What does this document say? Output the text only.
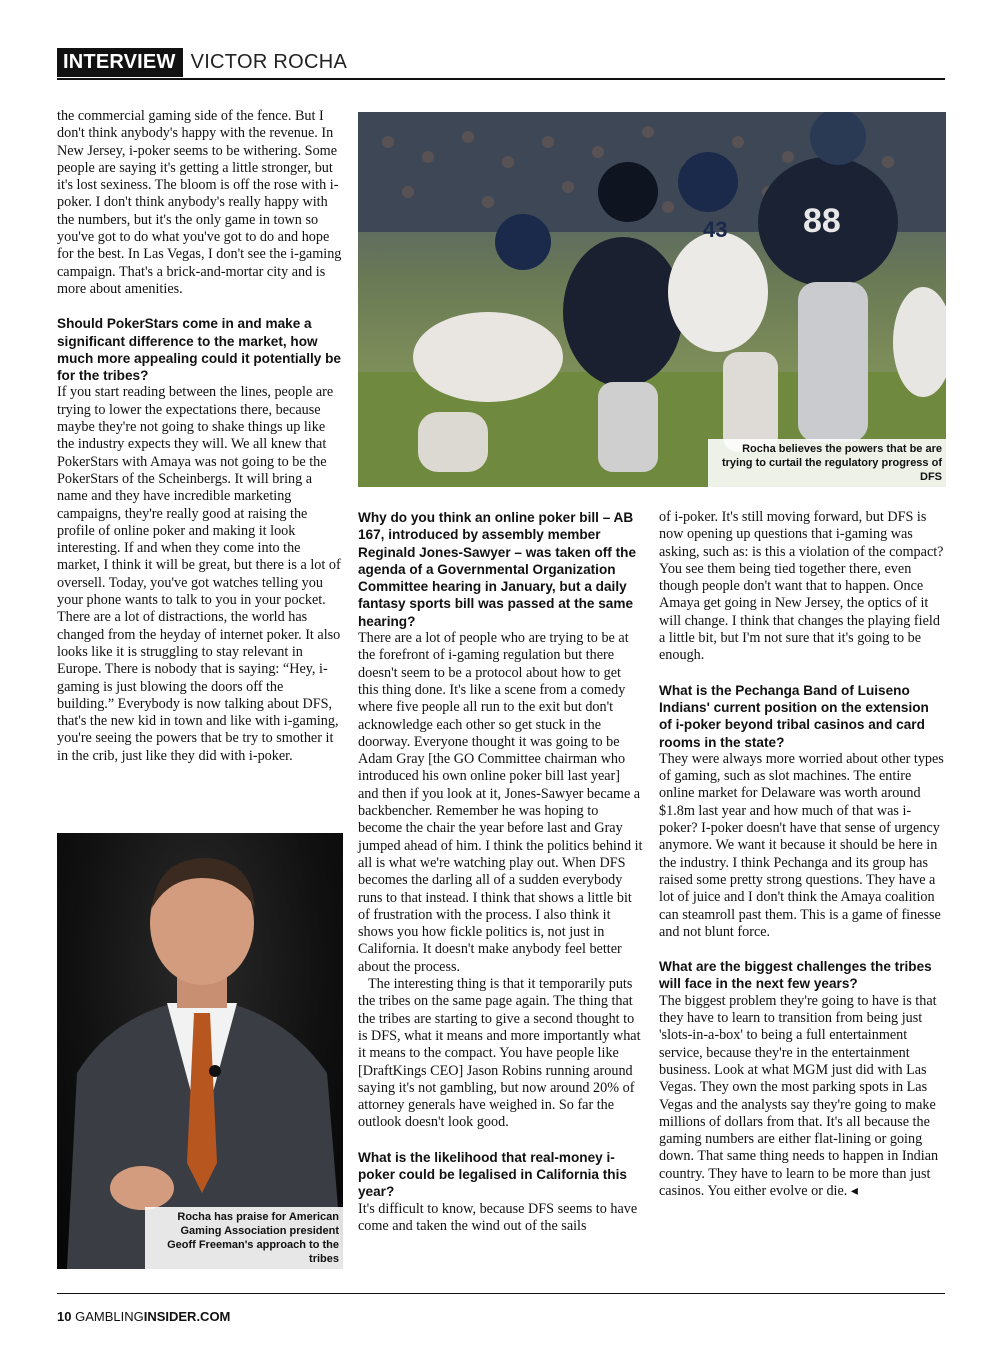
INTERVIEW VICTOR ROCHA

the commercial gaming side of the fence. But I don't think anybody's happy with the revenue. In New Jersey, i-poker seems to be withering. Some people are saying it's getting a little stronger, but it's lost sexiness. The bloom is off the rose with i-poker. I don't think anybody's really happy with the numbers, but it's the only game in town so you've got to do what you've got to do and hope for the best. In Las Vegas, I don't see the i-gaming campaign. That's a brick-and-mortar city and is more about amenities.

Should PokerStars come in and make a significant difference to the market, how much more appealing could it potentially be for the tribes?

If you start reading between the lines, people are trying to lower the expectations there, because maybe they're not going to shake things up like the industry expects they will. We all knew that PokerStars with Amaya was not going to be the PokerStars of the Scheinbergs. It will bring a name and they have incredible marketing campaigns, they're really good at raising the profile of online poker and making it look interesting. If and when they come into the market, I think it will be great, but there is a lot of oversell. Today, you've got watches telling you your phone wants to talk to you in your pocket. There are a lot of distractions, the world has changed from the heyday of internet poker. It also looks like it is struggling to stay relevant in Europe. There is nobody that is saying: “Hey, i-gaming is just blowing the doors off the building.” Everybody is now talking about DFS, that's the new kid in town and like with i-gaming, you're seeing the powers that be try to smother it in the crib, just like they did with i-poker.

43 88
Rocha believes the powers that be are trying to curtail the regulatory progress of DFS
Why do you think an online poker bill – AB 167, introduced by assembly member Reginald Jones-Sawyer – was taken off the agenda of a Governmental Organization Committee hearing in January, but a daily fantasy sports bill was passed at the same hearing?

There are a lot of people who are trying to be at the forefront of i-gaming regulation but there doesn't seem to be a protocol about how to get this thing done. It's like a scene from a comedy where five people all run to the exit but don't acknowledge each other so get stuck in the doorway. Everyone thought it was going to be Adam Gray [the GO Committee chairman who introduced his own online poker bill last year] and then if you look at it, Jones-Sawyer became a backbencher. Remember he was hoping to become the chair the year before last and Gray jumped ahead of him. I think the politics behind it all is what we're watching play out. When DFS becomes the darling all of a sudden everybody runs to that instead. I think that shows a little bit of frustration with the process. I also think it shows you how fickle politics is, not just in California. It doesn't make anybody feel better about the process.

The interesting thing is that it temporarily puts the tribes on the same page again. The thing that the tribes are starting to give a second thought to is DFS, what it means and more importantly what it means to the compact. You have people like [DraftKings CEO] Jason Robins running around saying it's not gambling, but now around 20% of attorney generals have weighed in. So far the outlook doesn't look good.

What is the likelihood that real-money i-poker could be legalised in California this year?

It's difficult to know, because DFS seems to have come and taken the wind out of the sails

of i-poker. It's still moving forward, but DFS is now opening up questions that i-gaming was asking, such as: is this a violation of the compact? You see them being tied together there, even though people don't want that to happen. Once Amaya get going in New Jersey, the optics of it will change. I think that changes the playing field a little bit, but I'm not sure that it's going to be enough.

What is the Pechanga Band of Luiseno Indians' current position on the extension of i-poker beyond tribal casinos and card rooms in the state?

They were always more worried about other types of gaming, such as slot machines. The entire online market for Delaware was worth around $1.8m last year and how much of that was i-poker? I-poker doesn't have that sense of urgency anymore. We want it because it should be here in the industry. I think Pechanga and its group has raised some pretty strong questions. They have a lot of juice and I don't think the Amaya coalition can steamroll past them. This is a game of finesse and not blunt force.

What are the biggest challenges the tribes will face in the next few years?

The biggest problem they're going to have is that they have to learn to transition from being just 'slots-in-a-box' to being a full entertainment service, because they're in the entertainment business. Look at what MGM just did with Las Vegas. They own the most parking spots in Las Vegas and the analysts say they're going to make millions of dollars from that. It's all because the gaming numbers are either flat-lining or going down. That same thing needs to happen in Indian country. They have to learn to be more than just casinos. You either evolve or die. ◂

Rocha has praise for American Gaming Association president Geoff Freeman's approach to the tribes
10 GAMBLINGINSIDER.COM
